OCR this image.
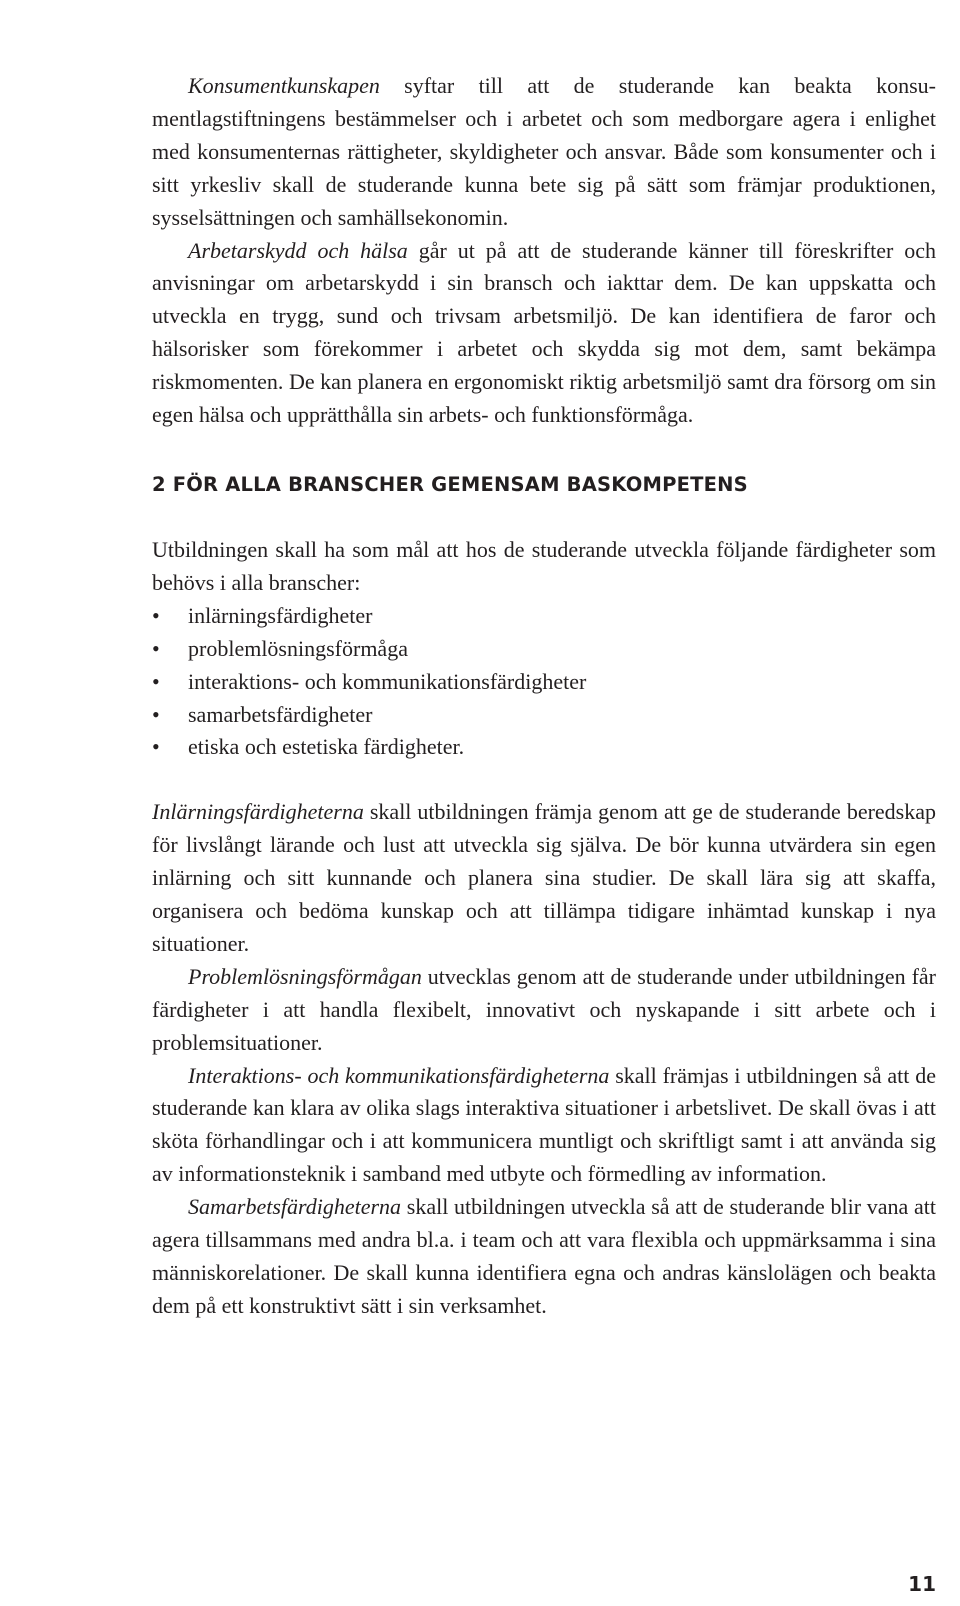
Konsumentkunskapen syftar till att de studerande kan beakta konsumentlagstiftningens bestämmelser och i arbetet och som medborgare agera i enlighet med konsumenternas rättigheter, skyldigheter och ansvar. Både som konsumenter och i sitt yrkesliv skall de studerande kunna bete sig på sätt som främjar produktionen, sysselsättningen och samhällsekonomin.

Arbetarskydd och hälsa går ut på att de studerande känner till föreskrifter och anvisningar om arbetarskydd i sin bransch och iakttar dem. De kan uppskatta och utveckla en trygg, sund och trivsam arbetsmiljö. De kan identifiera de faror och hälsorisker som förekommer i arbetet och skydda sig mot dem, samt bekämpa riskmomenten. De kan planera en ergonomiskt riktig arbetsmiljö samt dra försorg om sin egen hälsa och upprätthålla sin arbets- och funktionsförmåga.

2 FÖR ALLA BRANSCHER GEMENSAM BASKOMPETENS

Utbildningen skall ha som mål att hos de studerande utveckla följande färdigheter som behövs i alla branscher:

• inlärningsfärdigheter
• problemlösningsförmåga
• interaktions- och kommunikationsfärdigheter
• samarbetsfärdigheter
• etiska och estetiska färdigheter.

Inlärningsfärdigheterna skall utbildningen främja genom att ge de studerande beredskap för livslångt lärande och lust att utveckla sig själva. De bör kunna utvärdera sin egen inlärning och sitt kunnande och planera sina studier. De skall lära sig att skaffa, organisera och bedöma kunskap och att tillämpa tidigare inhämtad kunskap i nya situationer.

Problemlösningsförmågan utvecklas genom att de studerande under utbildningen får färdigheter i att handla flexibelt, innovativt och nyskapande i sitt arbete och i problemsituationer.

Interaktions- och kommunikationsfärdigheterna skall främjas i utbildningen så att de studerande kan klara av olika slags interaktiva situationer i arbetslivet. De skall övas i att sköta förhandlingar och i att kommunicera muntligt och skriftligt samt i att använda sig av informationsteknik i samband med utbyte och förmedling av information.

Samarbetsfärdigheterna skall utbildningen utveckla så att de studerande blir vana att agera tillsammans med andra bl.a. i team och att vara flexibla och uppmärksamma i sina människorelationer. De skall kunna identifiera egna och andras känslolägen och beakta dem på ett konstruktivt sätt i sin verksamhet.

11
